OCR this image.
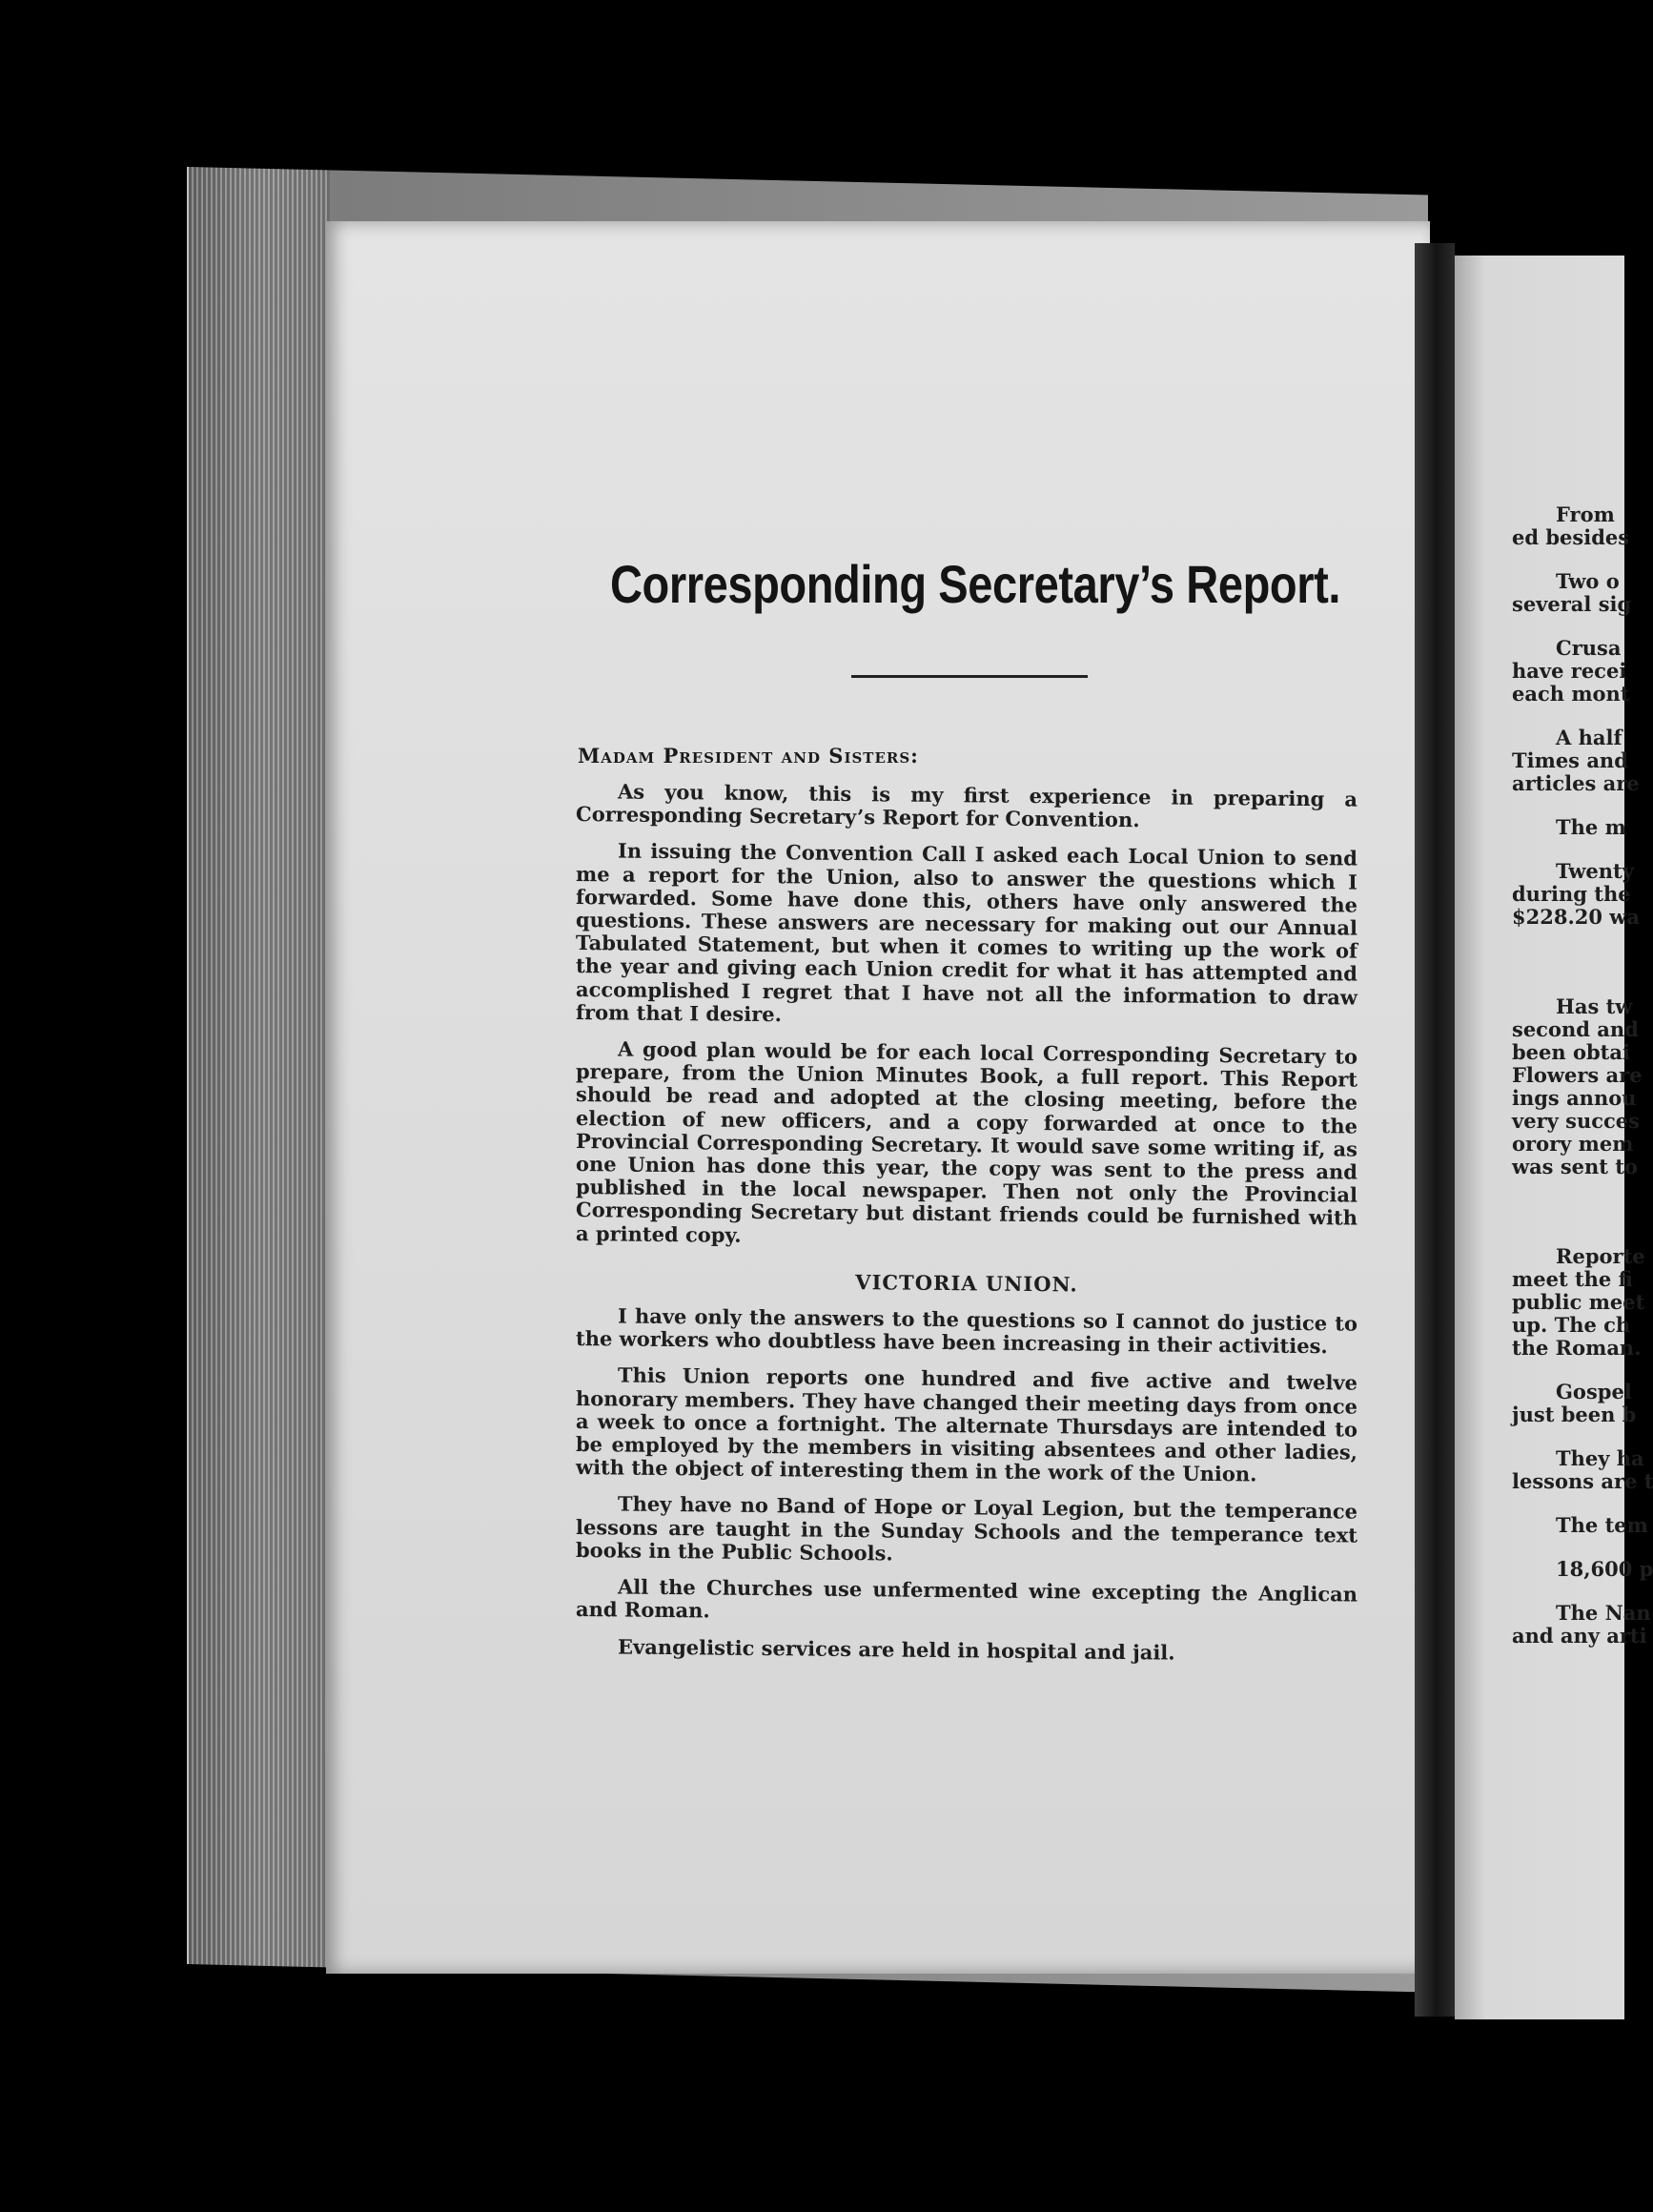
Corresponding Secretary’s Report.
Madam President and Sisters:

As you know, this is my first experience in preparing a Corresponding Secretary’s Report for Convention.

In issuing the Convention Call I asked each Local Union to send me a report for the Union, also to answer the questions which I forwarded. Some have done this, others have only answered the questions. These answers are necessary for making out our Annual Tabulated Statement, but when it comes to writing up the work of the year and giving each Union credit for what it has attempted and accomplished I regret that I have not all the information to draw from that I desire.

A good plan would be for each local Corresponding Secretary to prepare, from the Union Minutes Book, a full report. This Report should be read and adopted at the closing meeting, before the election of new officers, and a copy forwarded at once to the Provincial Corresponding Secretary. It would save some writing if, as one Union has done this year, the copy was sent to the press and published in the local newspaper. Then not only the Provincial Corresponding Secretary but distant friends could be furnished with a printed copy.

VICTORIA UNION.

I have only the answers to the questions so I cannot do justice to the workers who doubtless have been increasing in their activities.

This Union reports one hundred and five active and twelve honorary members. They have changed their meeting days from once a week to once a fortnight. The alternate Thursdays are intended to be employed by the members in visiting absentees and other ladies, with the object of interesting them in the work of the Union.

They have no Band of Hope or Loyal Legion, but the temperance lessons are taught in the Sunday Schools and the temperance text books in the Public Schools.

All the Churches use unfermented wine excepting the Anglican and Roman.

Evangelistic services are held in hospital and jail.

From
ed besides
Two o
several sig
Crusa
have recei
each mont
A half
Times and
articles are
The m
Twenty
during the
$228.20 wa
Has tw
second and
been obtai
Flowers are
ings annou
very succes
orory mem
was sent to
Reporte
meet the fi
public meet
up. The ch
the Roman.
Gospel
just been b
They ha
lessons are t
The tem
18,600 p
The Nan
and any arti
